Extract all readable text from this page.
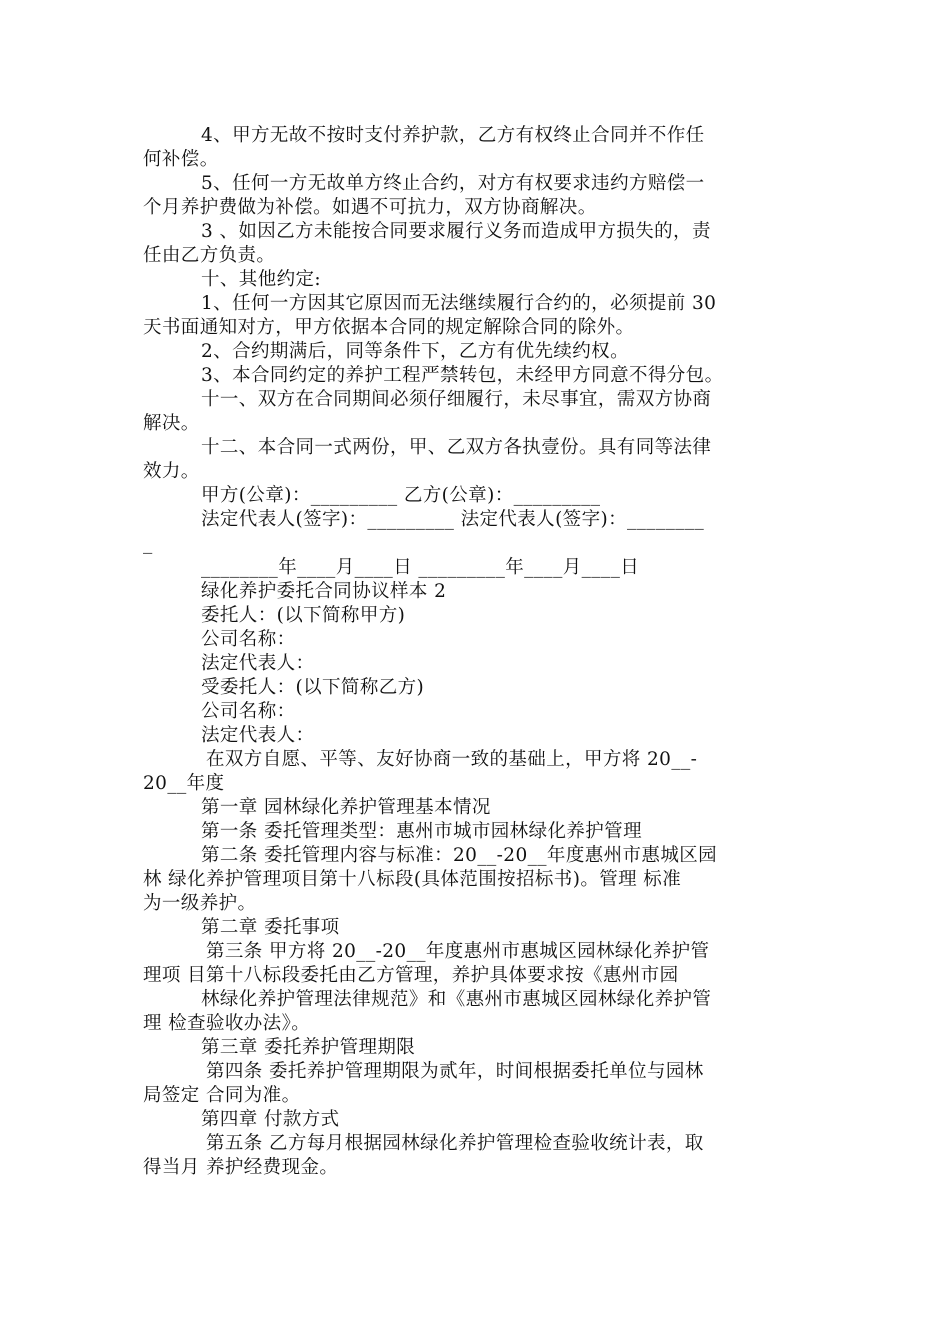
4、甲方无故不按时支付养护款，乙方有权终止合同并不作任
何补偿。
5、任何一方无故单方终止合约，对方有权要求违约方赔偿一
个月养护费做为补偿。如遇不可抗力，双方协商解决。
3 、如因乙方未能按合同要求履行义务而造成甲方损失的，责
任由乙方负责。
十、其他约定:
1、任何一方因其它原因而无法继续履行合约的，必须提前 30
天书面通知对方，甲方依据本合同的规定解除合同的除外。
2、合约期满后，同等条件下，乙方有优先续约权。
3、本合同约定的养护工程严禁转包，未经甲方同意不得分包。
十一、双方在合同期间必须仔细履行，未尽事宜，需双方协商
解决。
十二、本合同一式两份，甲、乙双方各执壹份。具有同等法律
效力。
甲方(公章)：_________ 乙方(公章)：_________
法定代表人(签字)：_________ 法定代表人(签字)：________
_
________年____月____日 _________年____月____日
绿化养护委托合同协议样本 2
委托人：(以下简称甲方)
公司名称：
法定代表人：
受委托人：(以下简称乙方)
公司名称：
法定代表人：
在双方自愿、平等、友好协商一致的基础上，甲方将 20__-
20__年度
第一章 园林绿化养护管理基本情况
第一条 委托管理类型：惠州市城市园林绿化养护管理
第二条 委托管理内容与标准：20__-20__年度惠州市惠城区园
林 绿化养护管理项目第十八标段(具体范围按招标书)。管理 标准
为一级养护。
第二章 委托事项
第三条 甲方将 20__-20__年度惠州市惠城区园林绿化养护管
理项 目第十八标段委托由乙方管理，养护具体要求按《惠州市园
林绿化养护管理法律规范》和《惠州市惠城区园林绿化养护管
理 检查验收办法》。
第三章 委托养护管理期限
第四条 委托养护管理期限为贰年，时间根据委托单位与园林
局签定 合同为准。
第四章 付款方式
第五条 乙方每月根据园林绿化养护管理检查验收统计表，取
得当月 养护经费现金。
